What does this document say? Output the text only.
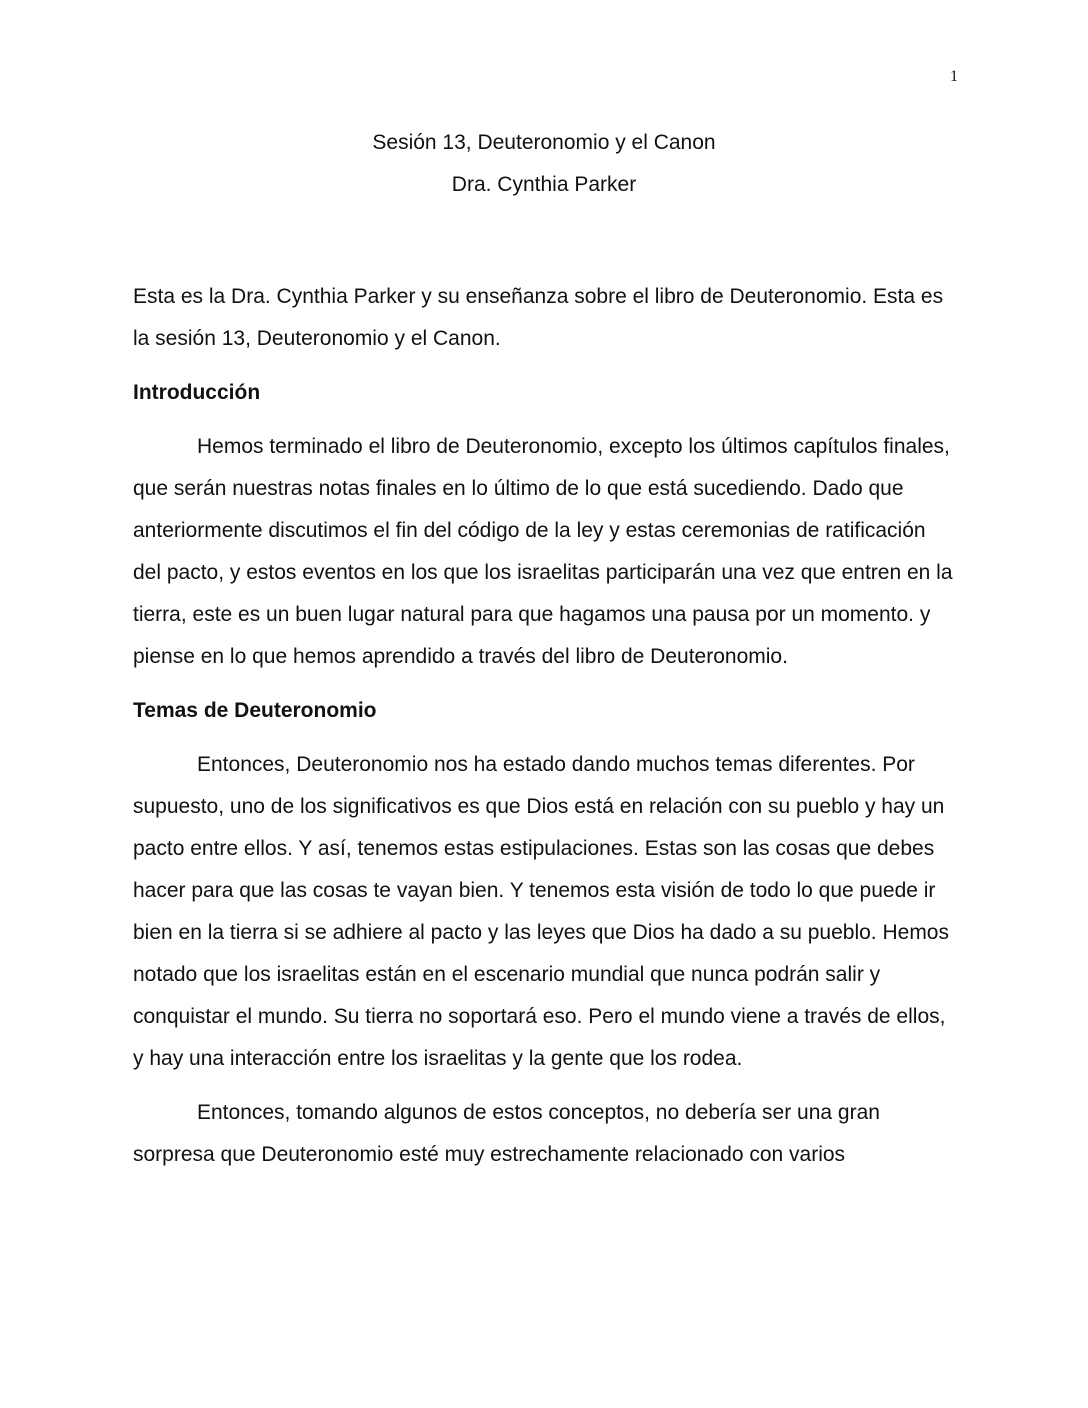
1
Sesión 13, Deuteronomio y el Canon
Dra. Cynthia Parker

Esta es la Dra. Cynthia Parker y su enseñanza sobre el libro de Deuteronomio. Esta es la sesión 13, Deuteronomio y el Canon.

Introducción

Hemos terminado el libro de Deuteronomio, excepto los últimos capítulos finales, que serán nuestras notas finales en lo último de lo que está sucediendo. Dado que anteriormente discutimos el fin del código de la ley y estas ceremonias de ratificación del pacto, y estos eventos en los que los israelitas participarán una vez que entren en la tierra, este es un buen lugar natural para que hagamos una pausa por un momento. y piense en lo que hemos aprendido a través del libro de Deuteronomio.

Temas de Deuteronomio

Entonces, Deuteronomio nos ha estado dando muchos temas diferentes. Por supuesto, uno de los significativos es que Dios está en relación con su pueblo y hay un pacto entre ellos. Y así, tenemos estas estipulaciones. Estas son las cosas que debes hacer para que las cosas te vayan bien. Y tenemos esta visión de todo lo que puede ir bien en la tierra si se adhiere al pacto y las leyes que Dios ha dado a su pueblo. Hemos notado que los israelitas están en el escenario mundial que nunca podrán salir y conquistar el mundo. Su tierra no soportará eso. Pero el mundo viene a través de ellos, y hay una interacción entre los israelitas y la gente que los rodea.

Entonces, tomando algunos de estos conceptos, no debería ser una gran sorpresa que Deuteronomio esté muy estrechamente relacionado con varios
